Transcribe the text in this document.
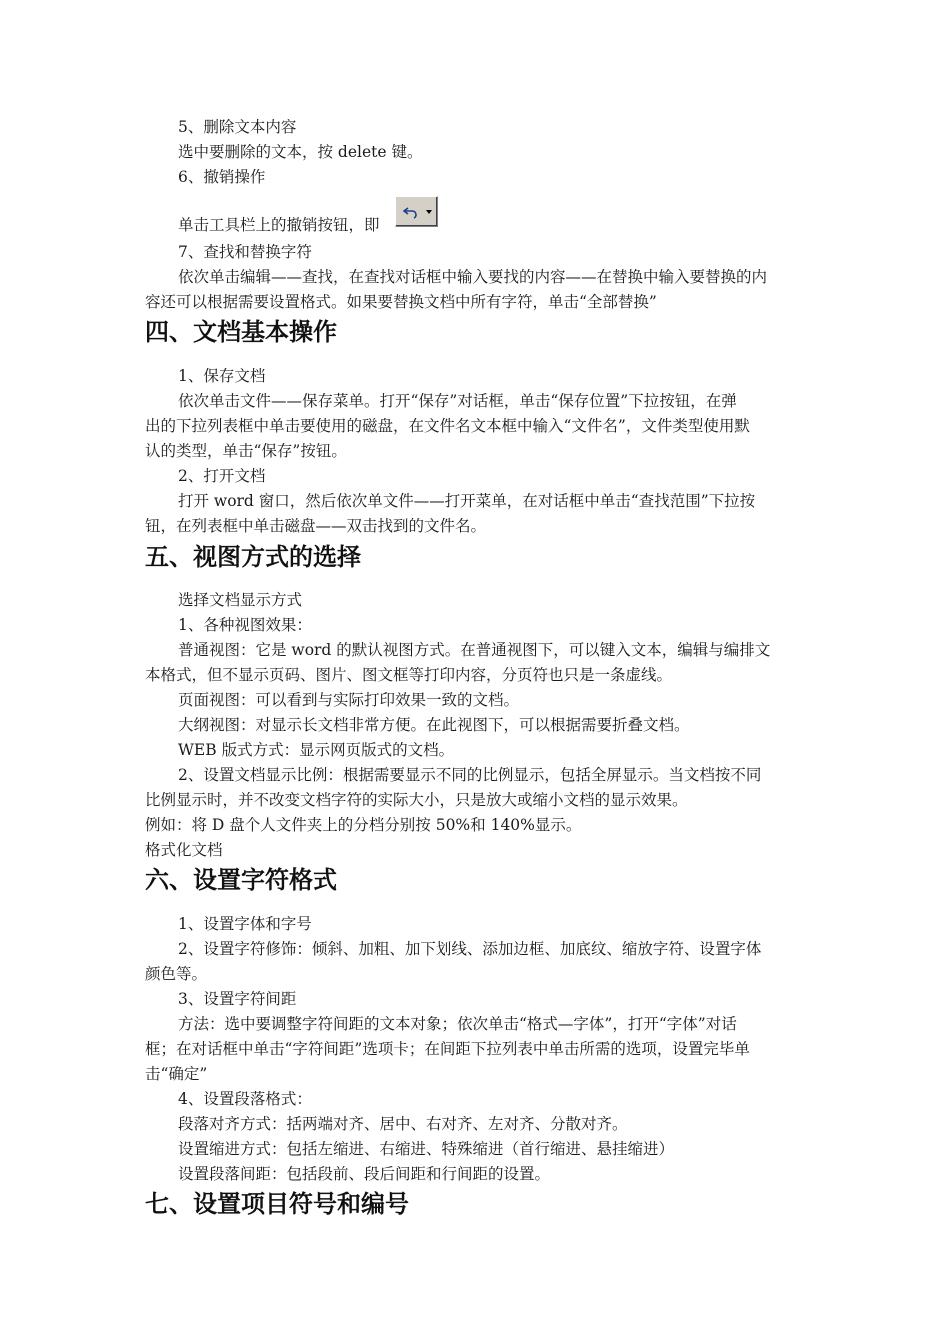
5、删除文本内容
选中要删除的文本，按 delete 键。
6、撤销操作
单击工具栏上的撤销按钮，即
7、查找和替换字符
依次单击编辑——查找，在查找对话框中输入要找的内容——在替换中输入要替换的内
容还可以根据需要设置格式。如果要替换文档中所有字符，单击“全部替换”
四、文档基本操作
1、保存文档
依次单击文件——保存菜单。打开“保存”对话框，单击“保存位置”下拉按钮，在弹
出的下拉列表框中单击要使用的磁盘，在文件名文本框中输入“文件名”，文件类型使用默
认的类型，单击“保存”按钮。
2、打开文档
打开 word 窗口，然后依次单文件——打开菜单，在对话框中单击“查找范围”下拉按
钮，在列表框中单击磁盘——双击找到的文件名。
五、视图方式的选择
选择文档显示方式
1、各种视图效果：
普通视图：它是 word 的默认视图方式。在普通视图下，可以键入文本，编辑与编排文
本格式，但不显示页码、图片、图文框等打印内容，分页符也只是一条虚线。
页面视图：可以看到与实际打印效果一致的文档。
大纲视图：对显示长文档非常方便。在此视图下，可以根据需要折叠文档。
WEB 版式方式：显示网页版式的文档。
2、设置文档显示比例：根据需要显示不同的比例显示，包括全屏显示。当文档按不同
比例显示时，并不改变文档字符的实际大小，只是放大或缩小文档的显示效果。
例如：将 D 盘个人文件夹上的分档分别按 50%和 140%显示。
格式化文档
六、设置字符格式
1、设置字体和字号
2、设置字符修饰：倾斜、加粗、加下划线、添加边框、加底纹、缩放字符、设置字体
颜色等。
3、设置字符间距
方法：选中要调整字符间距的文本对象；依次单击“格式—字体”，打开“字体”对话
框；在对话框中单击“字符间距”选项卡；在间距下拉列表中单击所需的选项，设置完毕单
击“确定”
4、设置段落格式：
段落对齐方式：括两端对齐、居中、右对齐、左对齐、分散对齐。
设置缩进方式：包括左缩进、右缩进、特殊缩进（首行缩进、悬挂缩进）
设置段落间距：包括段前、段后间距和行间距的设置。
七、设置项目符号和编号
